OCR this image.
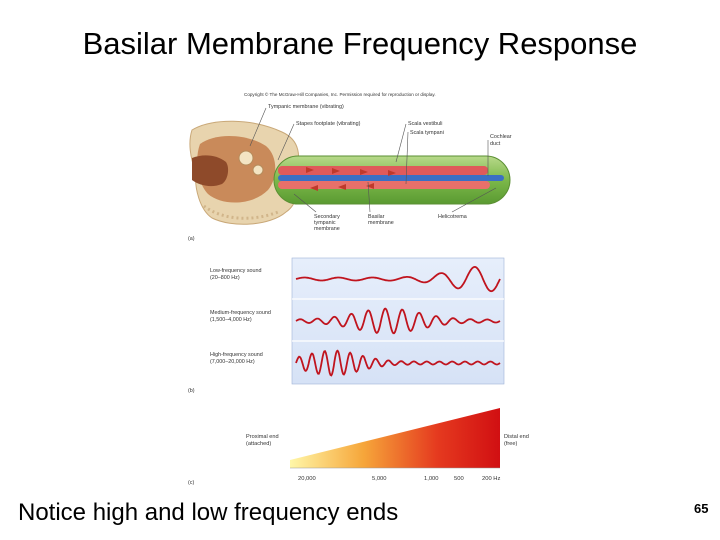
Basilar Membrane Frequency Response
Copyright © The McGraw-Hill Companies, Inc. Permission required for reproduction or display.
Tympanic membrane (vibrating)
Stapes footplate (vibrating)	Scala vestibuli
Scala tympani
Cochlear
duct
Secondary
tympanic
membrane
Basilar
membrane
Helicotrema
(a)
Low-frequency sound
(20–800 Hz)
Medium-frequency sound
(1,500–4,000 Hz)
High-frequency sound
(7,000–20,000 Hz)
(b)
Proximal end
(attached)
Distal end
(free)
20,000	5,000	1,000	500	200 Hz
(c)
Notice high and low frequency ends	65
